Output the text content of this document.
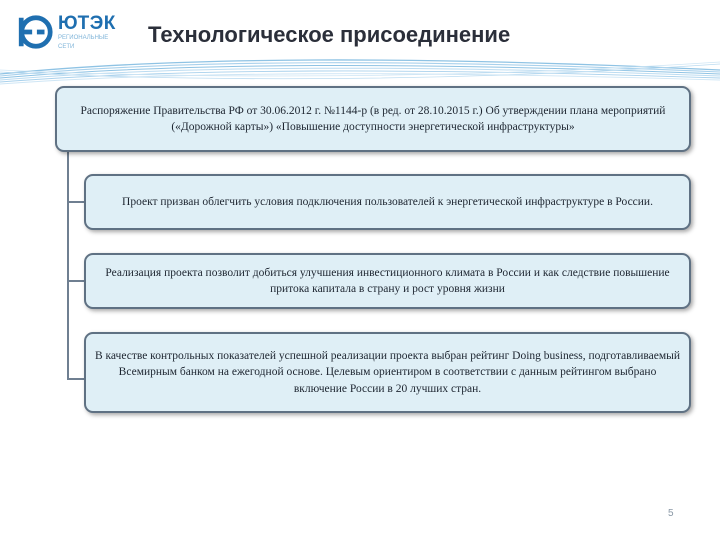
ЮТЭК
РЕГИОНАЛЬНЫЕ
СЕТИ	Технологическое присоединение
Распоряжение Правительства РФ от 30.06.2012 г. №1144-р (в ред. от 28.10.2015 г.) Об утверждении плана мероприятий («Дорожной карты») «Повышение доступности энергетической инфраструктуры»
Проект призван облегчить условия подключения пользователей к энергетической инфраструктуре в России.
Реализация проекта позволит добиться улучшения инвестиционного климата в России и как следствие повышение притока капитала в страну и рост уровня жизни
В качестве контрольных показателей успешной реализации проекта выбран рейтинг Doing business, подготавливаемый Всемирным банком на ежегодной основе. Целевым ориентиром в соответствии с данным рейтингом выбрано включение России в 20 лучших стран.
5
